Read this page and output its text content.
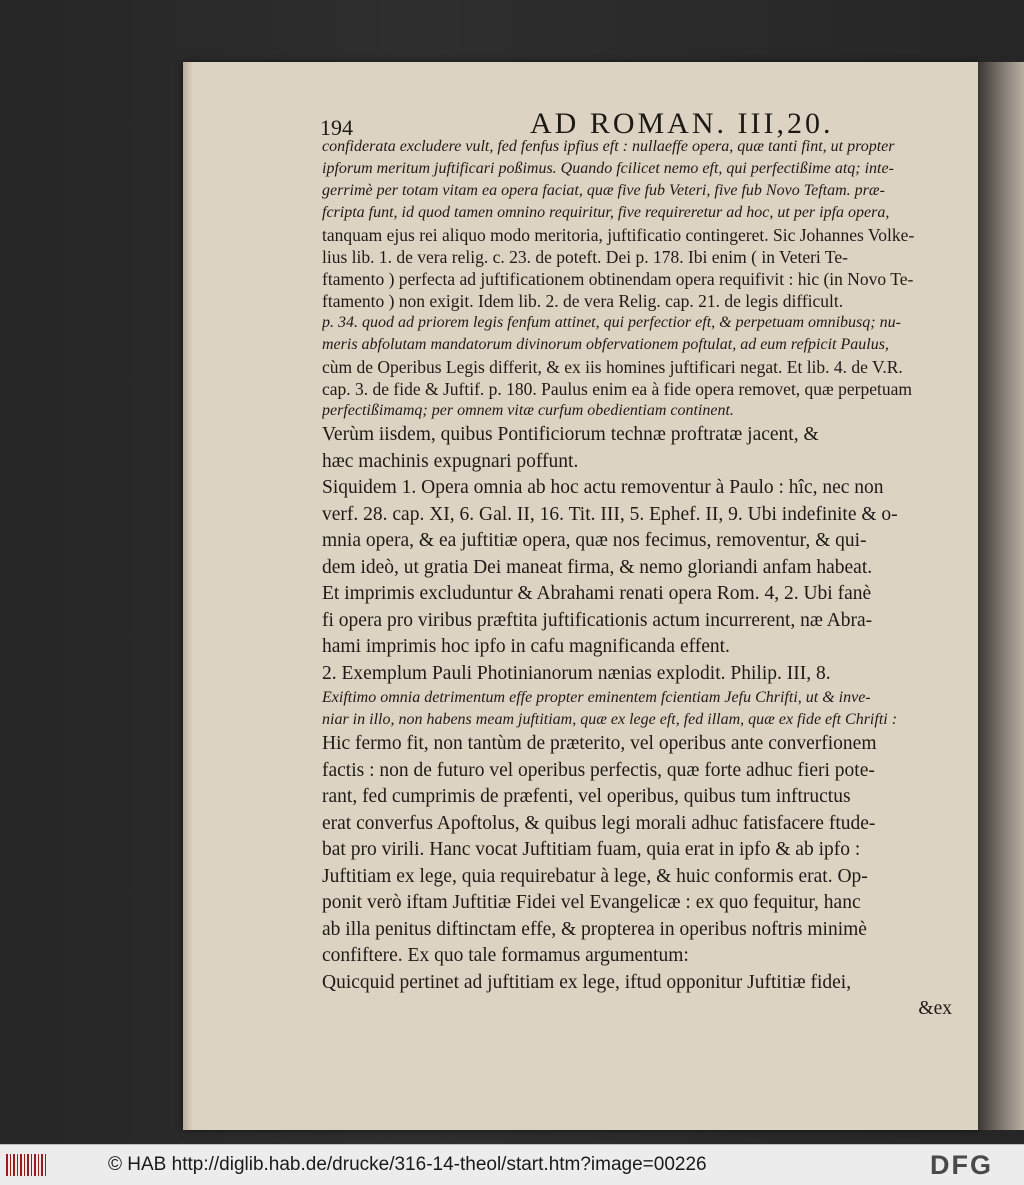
194	AD ROMAN. III,20.
confiderata excludere vult, fed fenfus ipfius eft : nullaeffe opera, quæ tanti fint, ut propter
ipforum meritum juftificari poßimus. Quando fcilicet nemo eft, qui perfectißime atq; inte-
gerrimè per totam vitam ea opera faciat, quæ five fub Veteri, five fub Novo Teftam. præ-
fcripta funt, id quod tamen omnino requiritur, five requireretur ad hoc, ut per ipfa opera,
tanquam ejus rei aliquo modo meritoria, juftificatio contingeret. Sic Johannes Volke-
lius lib. 1. de vera relig. c. 23. de poteft. Dei p. 178. Ibi enim ( in Veteri Te-
ftamento ) perfecta ad juftificationem obtinendam opera requifivit : hic (in Novo Te-
ftamento ) non exigit. Idem lib. 2. de vera Relig. cap. 21. de legis difficult.
p. 34. quod ad priorem legis fenfum attinet, qui perfectior eft, & perpetuam omnibusq; nu-
meris abfolutam mandatorum divinorum obfervationem poftulat, ad eum refpicit Paulus,
cùm de Operibus Legis differit, & ex iis homines juftificari negat. Et lib. 4. de V.R.
cap. 3. de fide & Juftif. p. 180. Paulus enim ea à fide opera removet, quæ perpetuam
perfectißimamq; per omnem vitæ curfum obedientiam continent.
Verùm iisdem, quibus Pontificiorum technæ proftratæ jacent, &
hæc machinis expugnari poffunt.
Siquidem 1. Opera omnia ab hoc actu removentur à Paulo : hîc, nec non
verf. 28. cap. XI, 6. Gal. II, 16. Tit. III, 5. Ephef. II, 9. Ubi indefinite & o-
mnia opera, & ea juftitiæ opera, quæ nos fecimus, removentur, & qui-
dem ideò, ut gratia Dei maneat firma, & nemo gloriandi anfam habeat.
Et imprimis excluduntur & Abrahami renati opera Rom. 4, 2. Ubi fanè
fi opera pro viribus præftita juftificationis actum incurrerent, næ Abra-
hami imprimis hoc ipfo in cafu magnificanda effent.
2. Exemplum Pauli Photinianorum nænias explodit. Philip. III, 8.
Exiftimo omnia detrimentum effe propter eminentem fcientiam Jefu Chrifti, ut & inve-
niar in illo, non habens meam juftitiam, quæ ex lege eft, fed illam, quæ ex fide eft Chrifti :
Hic fermo fit, non tantùm de præterito, vel operibus ante converfionem
factis : non de futuro vel operibus perfectis, quæ forte adhuc fieri pote-
rant, fed cumprimis de præfenti, vel operibus, quibus tum inftructus
erat converfus Apoftolus, & quibus legi morali adhuc fatisfacere ftude-
bat pro virili. Hanc vocat Juftitiam fuam, quia erat in ipfo & ab ipfo :
Juftitiam ex lege, quia requirebatur à lege, & huic conformis erat. Op-
ponit verò iftam Juftitiæ Fidei vel Evangelicæ : ex quo fequitur, hanc
ab illa penitus diftinctam effe, & propterea in operibus noftris minimè
confiftere. Ex quo tale formamus argumentum:
Quicquid pertinet ad juftitiam ex lege, iftud opponitur Juftitiæ fidei,
&ex
© HAB http://diglib.hab.de/drucke/316-14-theol/start.htm?image=00226	DFG
